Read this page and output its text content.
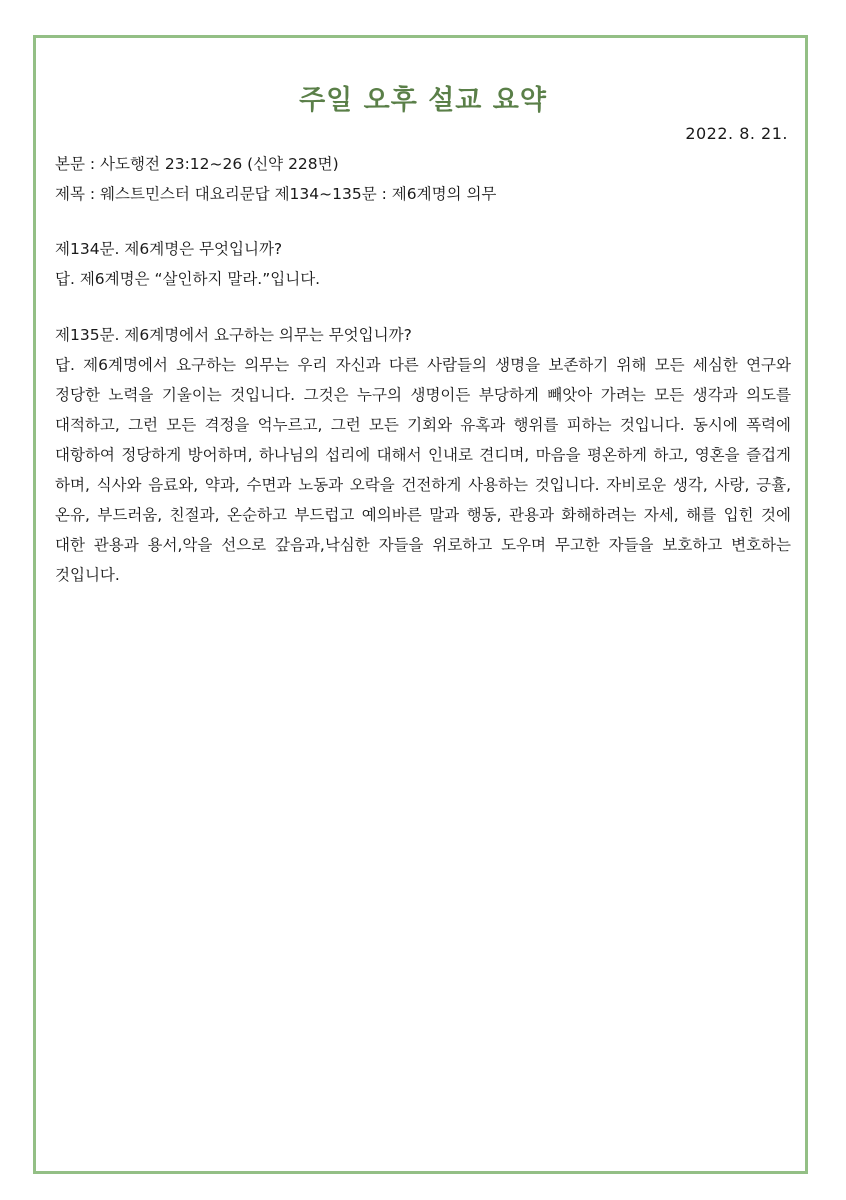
주일 오후 설교 요약
2022. 8. 21.
본문 : 사도행전 23:12~26 (신약 228면)
제목 : 웨스트민스터 대요리문답 제134~135문 : 제6계명의 의무
제134문. 제6계명은 무엇입니까?
답. 제6계명은 “살인하지 말라.”입니다.
제135문. 제6계명에서 요구하는 의무는 무엇입니까?
답. 제6계명에서 요구하는 의무는 우리 자신과 다른 사람들의 생명을 보존하기 위해 모든 세심한 연구와 정당한 노력을 기울이는 것입니다. 그것은 누구의 생명이든 부당하게 빼앗아 가려는 모든 생각과 의도를 대적하고, 그런 모든 격정을 억누르고, 그런 모든 기회와 유혹과 행위를 피하는 것입니다. 동시에 폭력에 대항하여 정당하게 방어하며, 하나님의 섭리에 대해서 인내로 견디며, 마음을 평온하게 하고, 영혼을 즐겁게 하며, 식사와 음료와, 약과, 수면과 노동과 오락을 건전하게 사용하는 것입니다. 자비로운 생각, 사랑, 긍휼, 온유, 부드러움, 친절과, 온순하고 부드럽고 예의바른 말과 행동, 관용과 화해하려는 자세, 해를 입힌 것에 대한 관용과 용서,악을 선으로 갚음과,낙심한 자들을 위로하고 도우며 무고한 자들을 보호하고 변호하는 것입니다.
